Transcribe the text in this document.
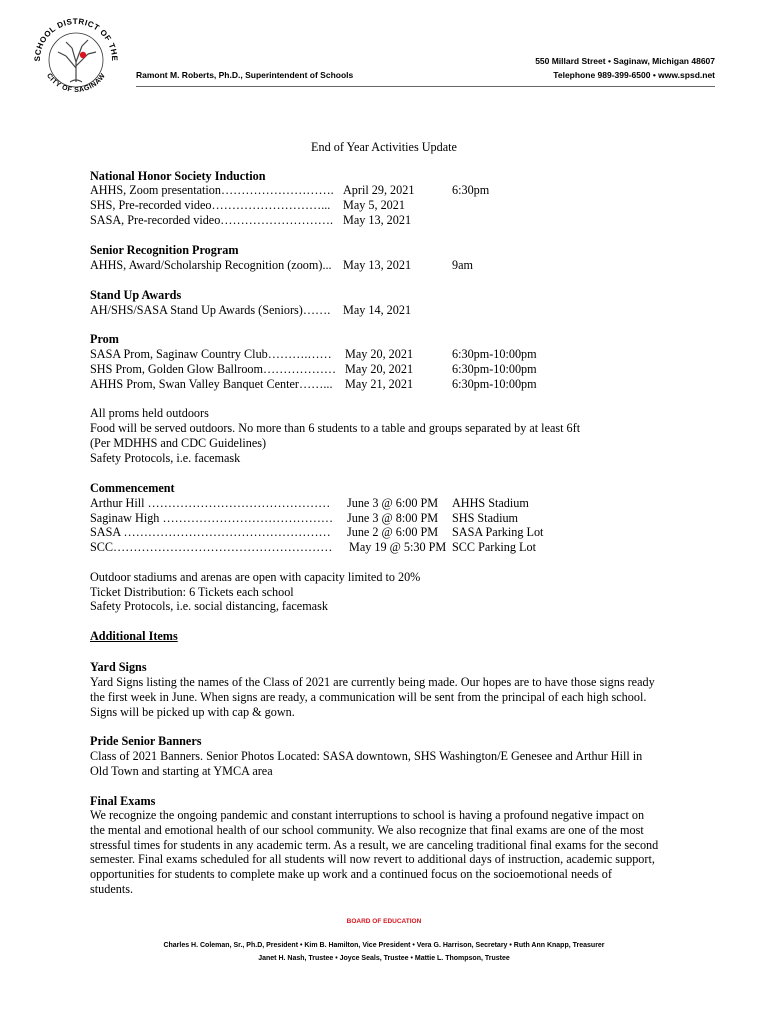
SCHOOL DISTRICT OF THE
CITY OF SAGINAW	Ramont M. Roberts, Ph.D., Superintendent of Schools
550 Millard Street • Saginaw, Michigan 48607
Telephone 989-399-6500 • www.spsd.net
End of Year Activities Update
National Honor Society Induction
AHHS, Zoom presentation………………………. April 29, 2021	6:30pm
SHS, Pre-recorded video………………………... May 5, 2021
SASA, Pre-recorded video………………………. May 13, 2021
Senior Recognition Program
AHHS, Award/Scholarship Recognition (zoom)... May 13, 2021	9am
Stand Up Awards
AH/SHS/SASA Stand Up Awards (Seniors)……. May 14, 2021
Prom
SASA Prom, Saginaw Country Club……….…… May 20, 2021	6:30pm-10:00pm
SHS Prom, Golden Glow Ballroom……………… May 20, 2021	6:30pm-10:00pm
AHHS Prom, Swan Valley Banquet Center……... May 21, 2021	6:30pm-10:00pm
All proms held outdoors
Food will be served outdoors. No more than 6 students to a table and groups separated by at least 6ft
(Per MDHHS and CDC Guidelines)
Safety Protocols, i.e. facemask
Commencement
Arthur Hill ……………………………………… June 3 @ 6:00 PM AHHS Stadium
Saginaw High …………………………………… June 3 @ 8:00 PM SHS Stadium
SASA …………………………………………… June 2 @ 6:00 PM SASA Parking Lot
SCC……………………………………………… May 19 @ 5:30 PM SCC Parking Lot
Outdoor stadiums and arenas are open with capacity limited to 20%
Ticket Distribution: 6 Tickets each school
Safety Protocols, i.e. social distancing, facemask
Additional Items
Yard Signs
Yard Signs listing the names of the Class of 2021 are currently being made. Our hopes are to have those signs ready
the first week in June. When signs are ready, a communication will be sent from the principal of each high school.
Signs will be picked up with cap & gown.
Pride Senior Banners
Class of 2021 Banners. Senior Photos Located: SASA downtown, SHS Washington/E Genesee and Arthur Hill in
Old Town and starting at YMCA area
Final Exams
We recognize the ongoing pandemic and constant interruptions to school is having a profound negative impact on
the mental and emotional health of our school community. We also recognize that final exams are one of the most
stressful times for students in any academic term. As a result, we are canceling traditional final exams for the second
semester. Final exams scheduled for all students will now revert to additional days of instruction, academic support,
opportunities for students to complete make up work and a continued focus on the socioemotional needs of
students.
BOARD OF EDUCATION
Charles H. Coleman, Sr., Ph.D, President • Kim B. Hamilton, Vice President • Vera G. Harrison, Secretary • Ruth Ann Knapp, Treasurer
Janet H. Nash, Trustee • Joyce Seals, Trustee • Mattie L. Thompson, Trustee
